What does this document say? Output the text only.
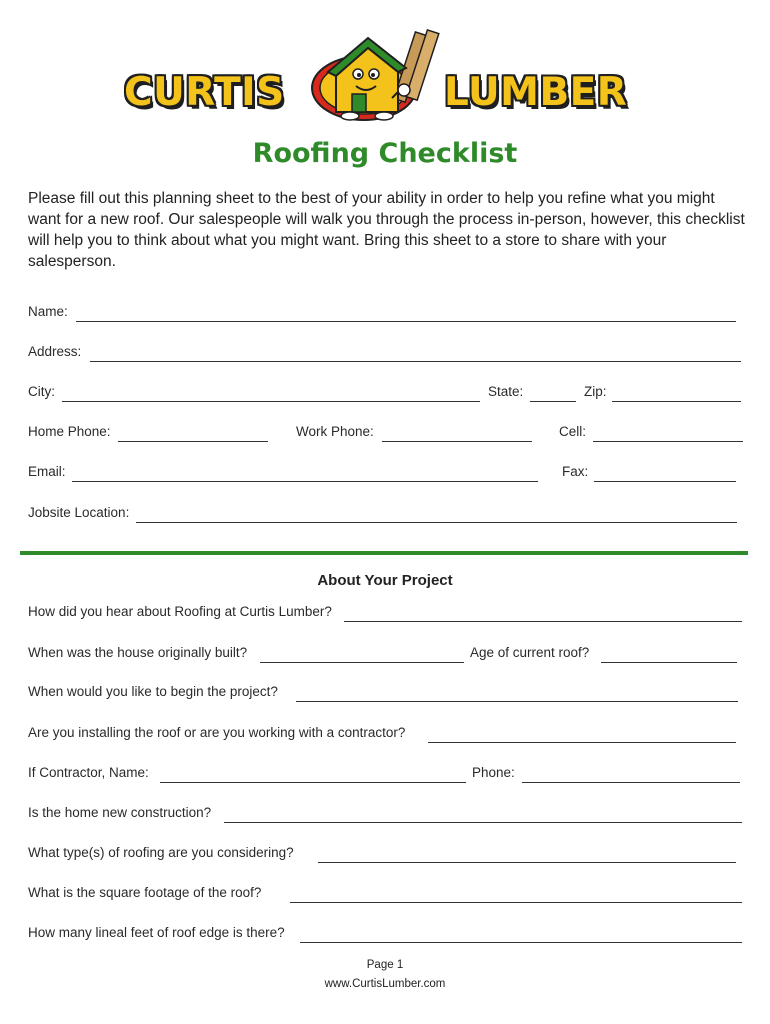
CURTIS	LUMBER
Roofing Checklist
Please fill out this planning sheet to the best of your ability in order to help you refine what you might want for a new roof. Our salespeople will walk you through the process in-person, however, this checklist will help you to think about what you might want. Bring this sheet to a store to share with your salesperson.
Name:
Address:
City:	State:	Zip:
Home Phone:	Work Phone:	Cell:
Email:	Fax:
Jobsite Location:
About Your Project
How did you hear about Roofing at Curtis Lumber?
When was the house originally built?	Age of current roof?
When would you like to begin the project?
Are you installing the roof or are you working with a contractor?
If Contractor, Name:	Phone:
Is the home new construction?
What type(s) of roofing are you considering?
What is the square footage of the roof?
How many lineal feet of roof edge is there?
Page 1
www.CurtisLumber.com
